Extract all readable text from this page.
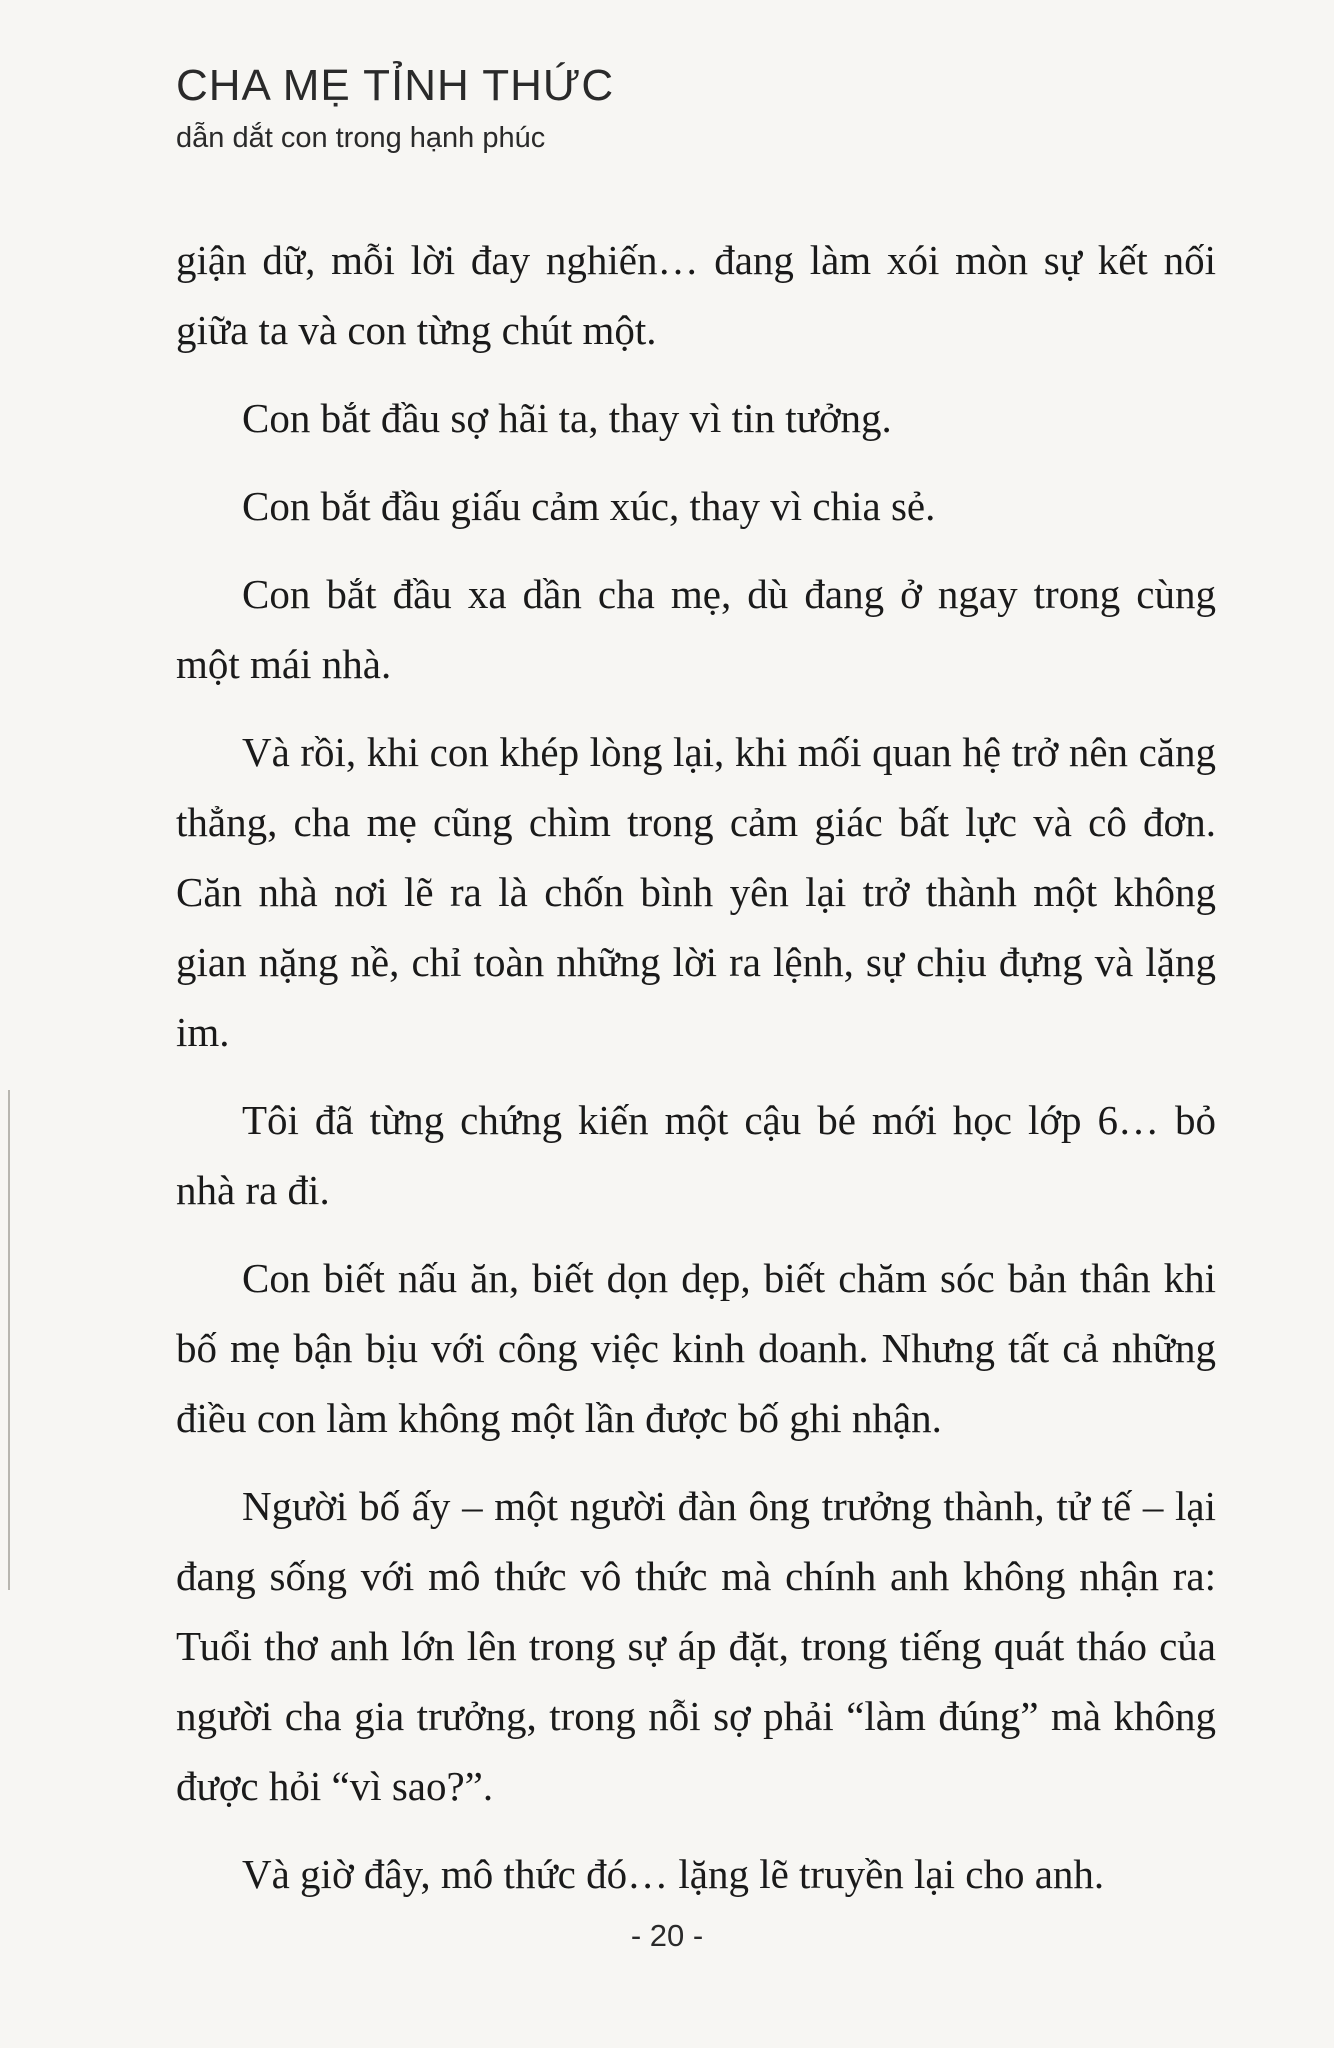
CHA MẸ TỈNH THỨC
dẫn dắt con trong hạnh phúc

giận dữ, mỗi lời đay nghiến… đang làm xói mòn sự kết nối giữa ta và con từng chút một.

Con bắt đầu sợ hãi ta, thay vì tin tưởng.

Con bắt đầu giấu cảm xúc, thay vì chia sẻ.

Con bắt đầu xa dần cha mẹ, dù đang ở ngay trong cùng một mái nhà.

Và rồi, khi con khép lòng lại, khi mối quan hệ trở nên căng thẳng, cha mẹ cũng chìm trong cảm giác bất lực và cô đơn. Căn nhà nơi lẽ ra là chốn bình yên lại trở thành một không gian nặng nề, chỉ toàn những lời ra lệnh, sự chịu đựng và lặng im.

Tôi đã từng chứng kiến một cậu bé mới học lớp 6… bỏ nhà ra đi.

Con biết nấu ăn, biết dọn dẹp, biết chăm sóc bản thân khi bố mẹ bận bịu với công việc kinh doanh. Nhưng tất cả những điều con làm không một lần được bố ghi nhận.

Người bố ấy – một người đàn ông trưởng thành, tử tế – lại đang sống với mô thức vô thức mà chính anh không nhận ra: Tuổi thơ anh lớn lên trong sự áp đặt, trong tiếng quát tháo của người cha gia trưởng, trong nỗi sợ phải “làm đúng” mà không được hỏi “vì sao?”.

Và giờ đây, mô thức đó… lặng lẽ truyền lại cho anh.

- 20 -
